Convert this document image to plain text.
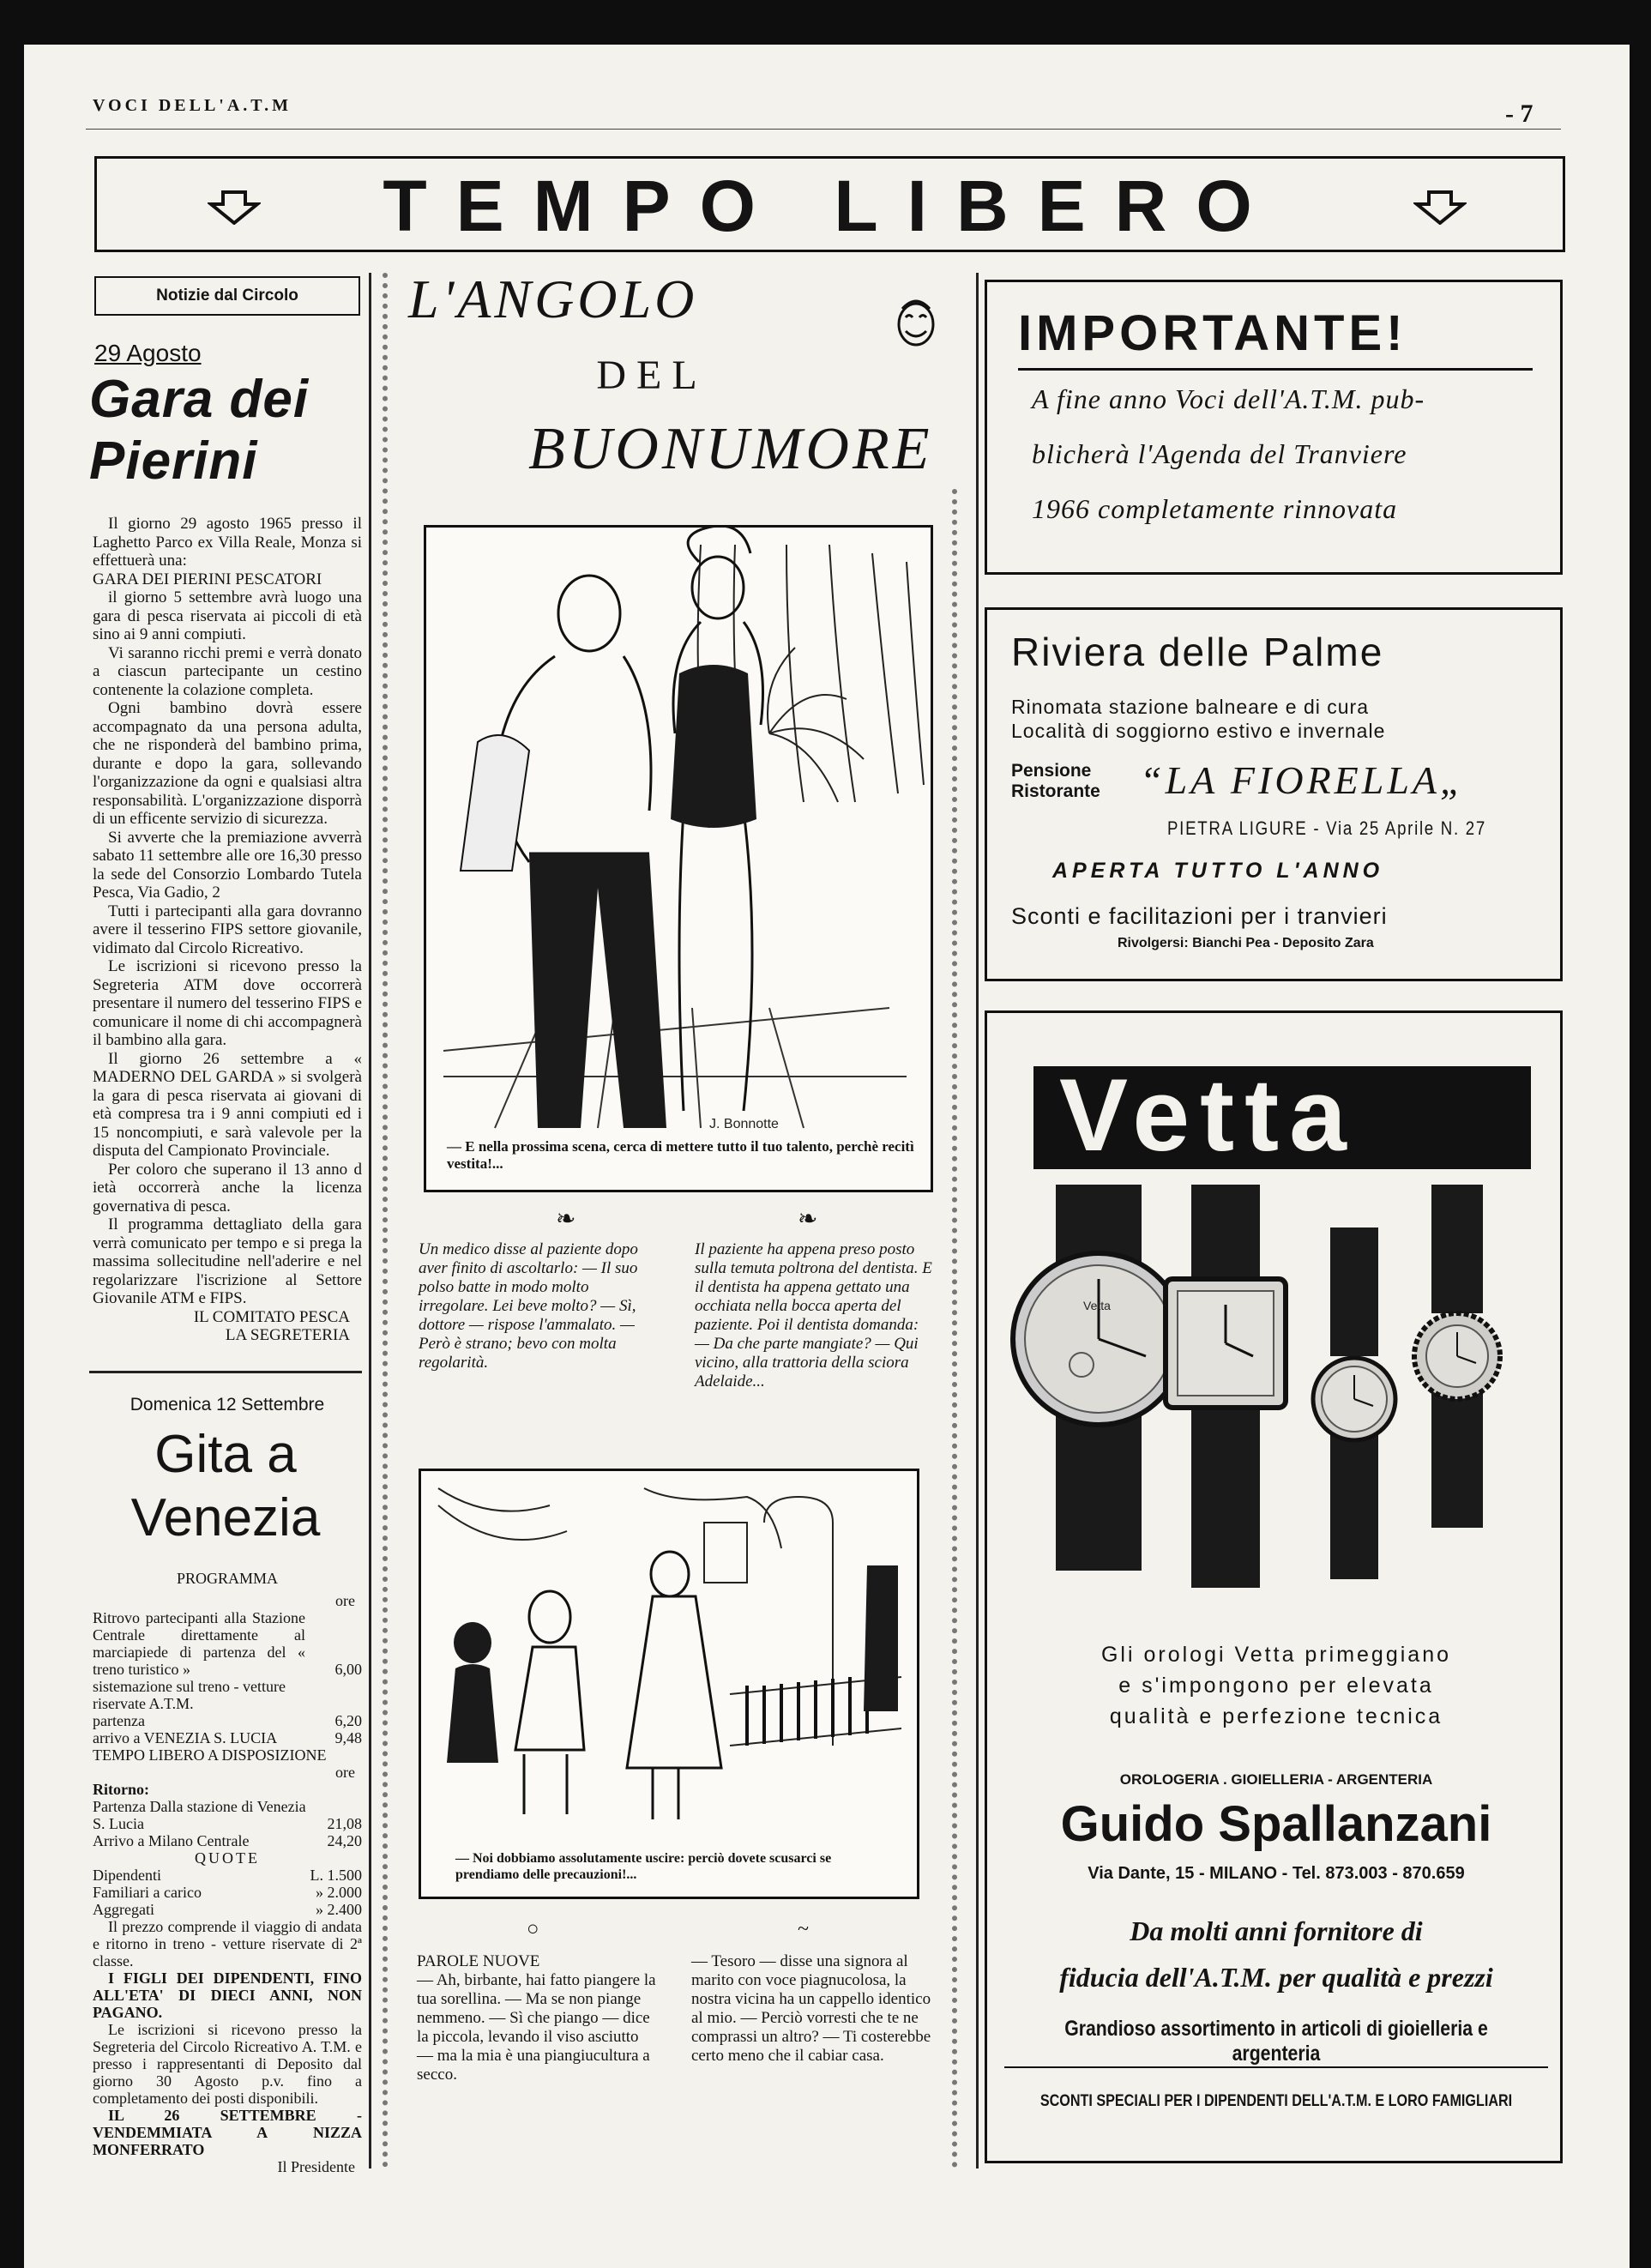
VOCI DELL'A.T.M	- 7
TEMPO LIBERO
Notizie dal Circolo
29 Agosto
Gara dei
Pierini

Il giorno 29 agosto 1965 presso il Laghetto Parco ex Villa Reale, Monza si effettuerà una:

GARA DEI PIERINI PESCATORI

il giorno 5 settembre avrà luogo una gara di pesca riservata ai piccoli di età sino ai 9 anni compiuti.

Vi saranno ricchi premi e verrà donato a ciascun partecipante un cestino contenente la colazione completa.

Ogni bambino dovrà essere accompagnato da una persona adulta, che ne risponderà del bambino prima, durante e dopo la gara, sollevando l'organizzazione da ogni e qualsiasi altra responsabilità. L'organizzazione disporrà di un efficente servizio di sicurezza.

Si avverte che la premiazione avverrà sabato 11 settembre alle ore 16,30 presso la sede del Consorzio Lombardo Tutela Pesca, Via Gadio, 2

Tutti i partecipanti alla gara dovranno avere il tesserino FIPS settore giovanile, vidimato dal Circolo Ricreativo.

Le iscrizioni si ricevono presso la Segreteria ATM dove occorrerà presentare il numero del tesserino FIPS e comunicare il nome di chi accompagnerà il bambino alla gara.

Il giorno 26 settembre a « MADERNO DEL GARDA » si svolgerà la gara di pesca riservata ai giovani di età compresa tra i 9 anni compiuti ed i 15 noncompiuti, e sarà valevole per la disputa del Campionato Provinciale.

Per coloro che superano il 13 anno d ietà occorrerà anche la licenza governativa di pesca.

Il programma dettagliato della gara verrà comunicato per tempo e si prega la massima sollecitudine nell'aderire e nel regolarizzare l'iscrizione al Settore Giovanile ATM e FIPS.

IL COMITATO PESCA

LA SEGRETERIA

Domenica 12 Settembre
Gita a
Venezia
PROGRAMMA
ore
Ritrovo partecipanti alla Stazione Centrale direttamente al marciapiede di partenza del « treno turistico »	6,00
sistemazione sul treno - vetture riservate A.T.M.
partenza	6,20
arrivo a VENEZIA S. LUCIA	9,48
TEMPO LIBERO A DISPOSIZIONE
ore
Ritorno:
Partenza Dalla stazione di Venezia S. Lucia	21,08
Arrivo a Milano Centrale	24,20
QUOTE
Dipendenti	L. 1.500
Familiari a carico	» 2.000
Aggregati	» 2.400

Il prezzo comprende il viaggio di andata e ritorno in treno - vetture riservate di 2ª classe.

I FIGLI DEI DIPENDENTI, FINO ALL'ETA' DI DIECI ANNI, NON PAGANO.

Le iscrizioni si ricevono presso la Segreteria del Circolo Ricreativo A. T.M. e presso i rappresentanti di Deposito dal giorno 30 Agosto p.v. fino a completamento dei posti disponibili.

IL 26 SETTEMBRE - VENDEMMIATA A NIZZA MONFERRATO

Il Presidente

L'ANGOLO
DEL
BUONUMORE
J. Bonnotte
— E nella prossima scena, cerca di mettere tutto il tuo talento, perchè recitì vestita!...
❧	❧
Un medico disse al paziente dopo aver finito di ascoltarlo: — Il suo polso batte in modo molto irregolare. Lei beve molto? — Sì, dottore — rispose l'ammalato. — Però è strano; bevo con molta regolarità.
Il paziente ha appena preso posto sulla temuta poltrona del dentista. E il dentista ha appena gettato una occhiata nella bocca aperta del paziente. Poi il dentista domanda: — Da che parte mangiate? — Qui vicino, alla trattoria della sciora Adelaide...
— Noi dobbiamo assolutamente uscire: perciò dovete scusarci se prendiamo delle precauzioni!...
○	~
PAROLE NUOVE
— Ah, birbante, hai fatto piangere la tua sorellina. — Ma se non piange nemmeno. — Sì che piango — dice la piccola, levando il viso asciutto — ma la mia è una piangiucultura a secco.
— Tesoro — disse una signora al marito con voce piagnucolosa, la nostra vicina ha un cappello identico al mio. — Perciò vorresti che te ne comprassi un altro? — Ti costerebbe certo meno che il cabiar casa.
IMPORTANTE!
A fine anno Voci dell'A.T.M. pub-
blicherà l'Agenda del Tranviere
1966 completamente rinnovata
Riviera delle Palme
Rinomata stazione balneare e di cura
Località di soggiorno estivo e invernale
Pensione
Ristorante “LA FIORELLA„
PIETRA LIGURE - Via 25 Aprile N. 27
APERTA TUTTO L'ANNO
Sconti e facilitazioni per i tranvieri
Rivolgersi: Bianchi Pea - Deposito Zara
Vetta
Vetta
Gli orologi Vetta primeggiano
e s'impongono per elevata
qualità e perfezione tecnica
OROLOGERIA . GIOIELLERIA - ARGENTERIA
Guido Spallanzani
Via Dante, 15 - MILANO - Tel. 873.003 - 870.659
Da molti anni fornitore di
fiducia dell'A.T.M. per qualità e prezzi
Grandioso assortimento in articoli di gioielleria e argenteria
SCONTI SPECIALI PER I DIPENDENTI DELL'A.T.M. E LORO FAMIGLIARI
